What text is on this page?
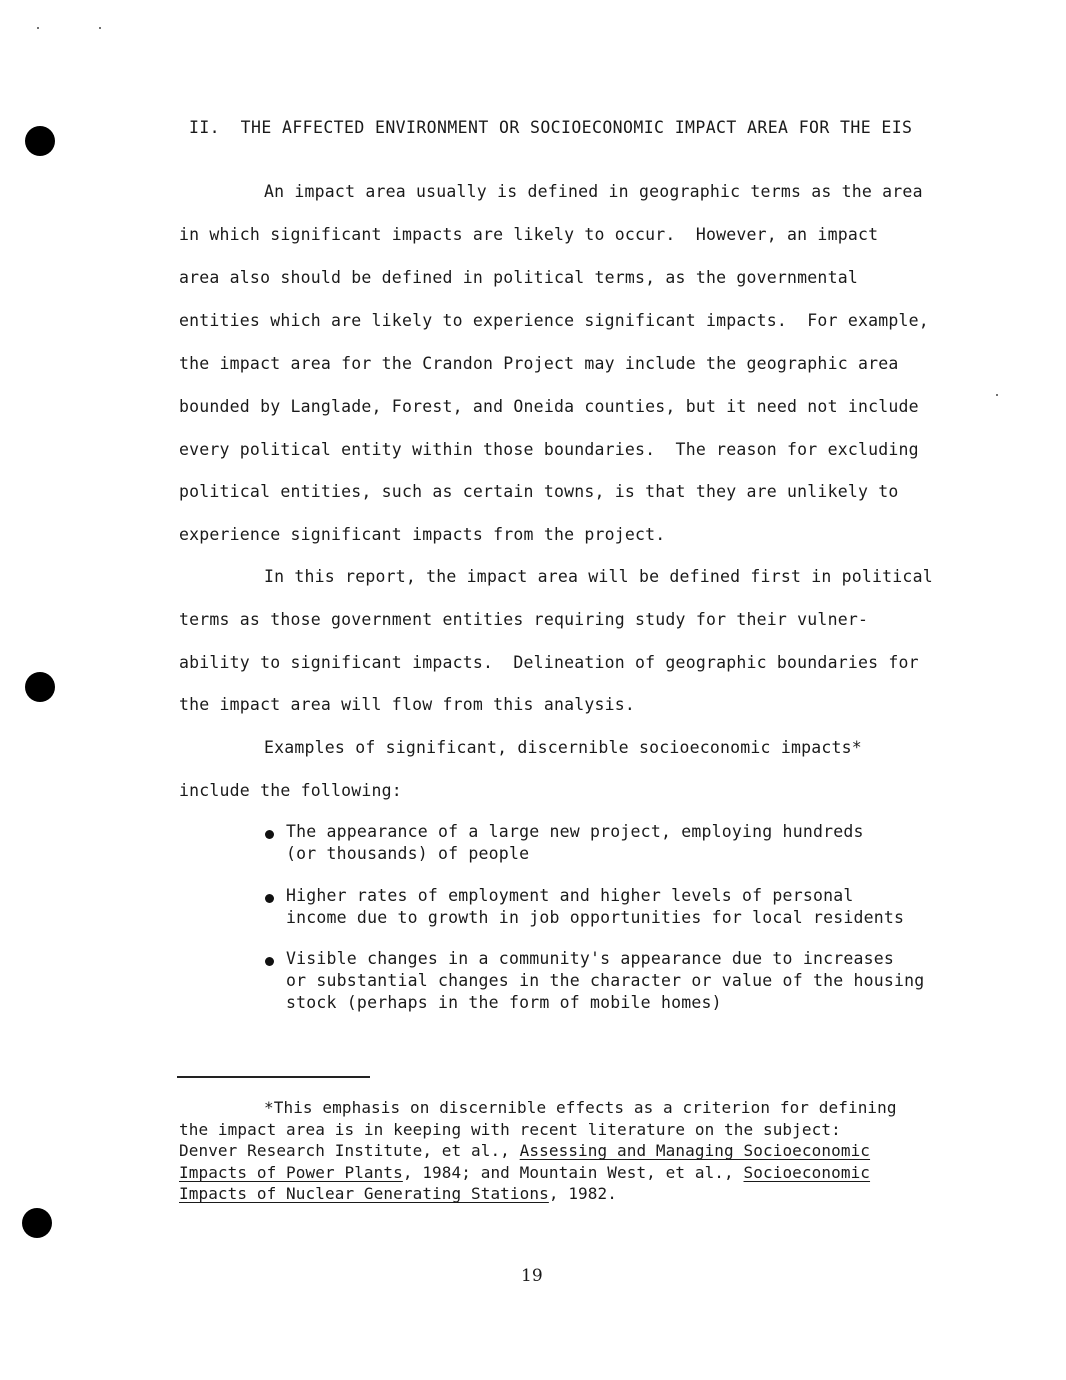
II.  THE AFFECTED ENVIRONMENT OR SOCIOECONOMIC IMPACT AREA FOR THE EIS
An impact area usually is defined in geographic terms as the area
in which significant impacts are likely to occur.  However, an impact
area also should be defined in political terms, as the governmental
entities which are likely to experience significant impacts.  For example,
the impact area for the Crandon Project may include the geographic area
bounded by Langlade, Forest, and Oneida counties, but it need not include
every political entity within those boundaries.  The reason for excluding
political entities, such as certain towns, is that they are unlikely to
experience significant impacts from the project.
In this report, the impact area will be defined first in political
terms as those government entities requiring study for their vulner-
ability to significant impacts.  Delineation of geographic boundaries for
the impact area will flow from this analysis.
Examples of significant, discernible socioeconomic impacts*
include the following:
The appearance of a large new project, employing hundreds
(or thousands) of people
Higher rates of employment and higher levels of personal
income due to growth in job opportunities for local residents
Visible changes in a community's appearance due to increases
or substantial changes in the character or value of the housing
stock (perhaps in the form of mobile homes)
*This emphasis on discernible effects as a criterion for defining
the impact area is in keeping with recent literature on the subject:
Denver Research Institute, et al., Assessing and Managing Socioeconomic
Impacts of Power Plants, 1984; and Mountain West, et al., Socioeconomic
Impacts of Nuclear Generating Stations, 1982.
19
